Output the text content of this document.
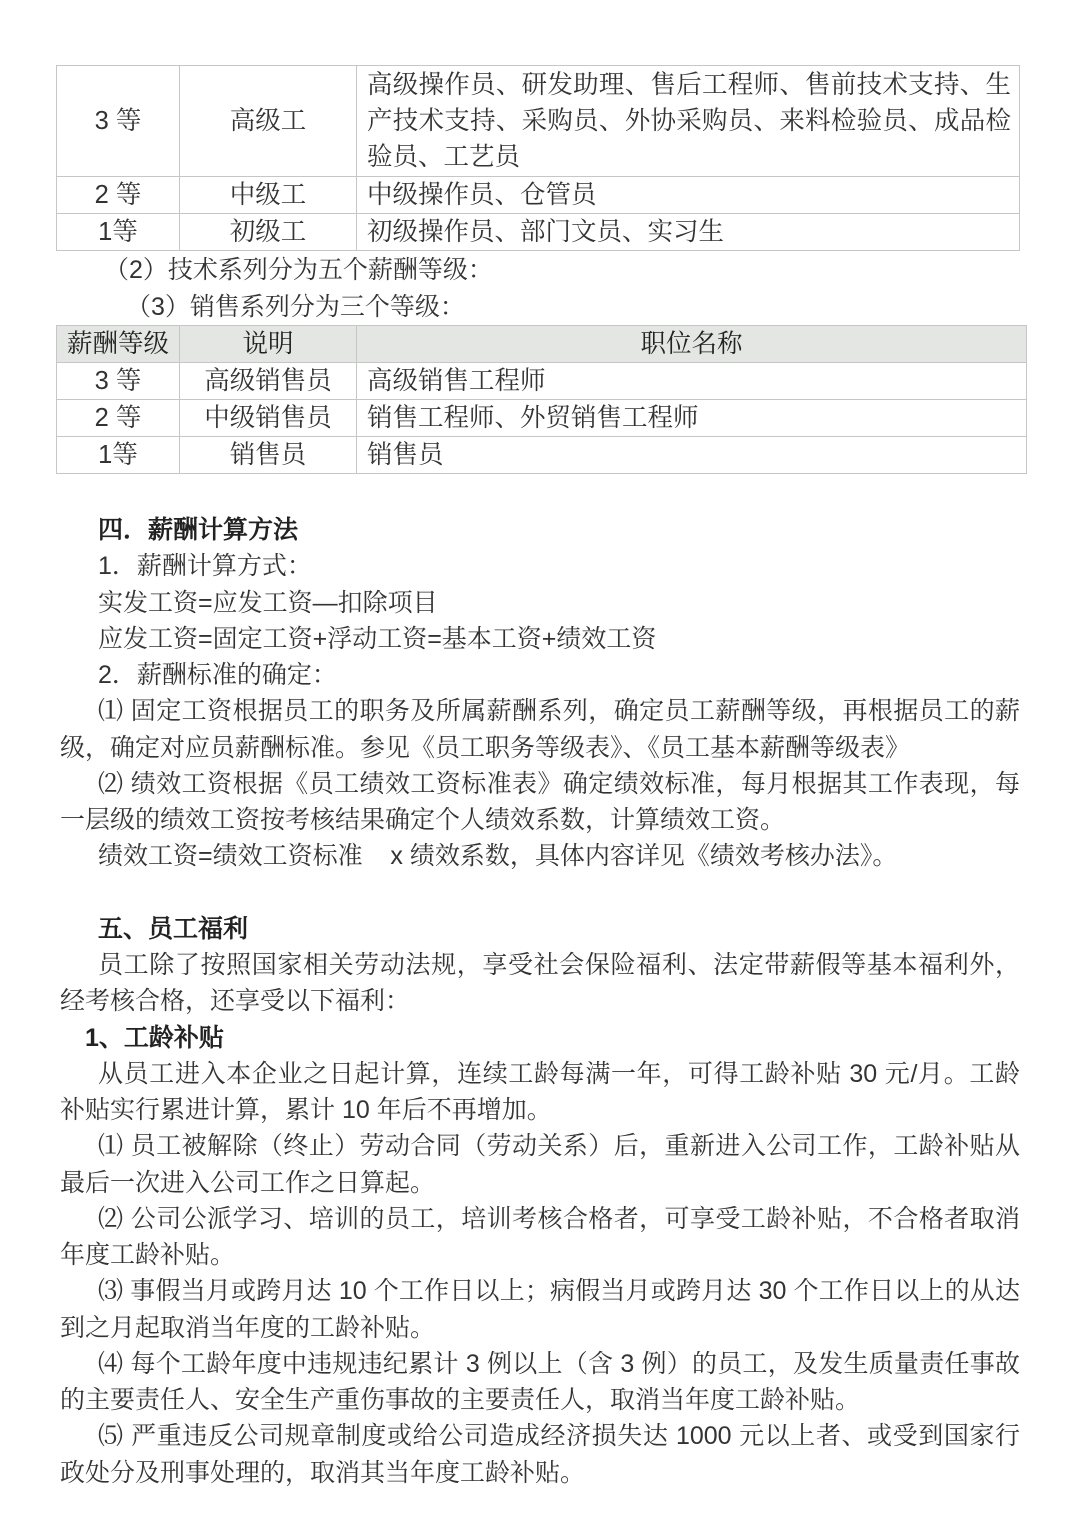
3 等	高级工	高级操作员、研发助理、售后工程师、售前技术支持、生
产技术支持、采购员、外协采购员、来料检验员、成品检
验员、工艺员

2 等	中级工	中级操作员、仓管员
1等	初级工	初级操作员、部门文员、实习生
（2）技术系列分为五个薪酬等级：
（3）销售系列分为三个等级：
薪酬等级	说明	职位名称
3 等	高级销售员	高级销售工程师
2 等	中级销售员	销售工程师、外贸销售工程师
1等	销售员	销售员
四．薪酬计算方法
1．薪酬计算方式：
实发工资=应发工资—扣除项目
应发工资=固定工资+浮动工资=基本工资+绩效工资
2．薪酬标准的确定：
⑴ 固定工资根据员工的职务及所属薪酬系列，确定员工薪酬等级，再根据员工的薪
级，确定对应员薪酬标准。参见《员工职务等级表》、《员工基本薪酬等级表》
⑵ 绩效工资根据《员工绩效工资标准表》确定绩效标准，每月根据其工作表现，每
一层级的绩效工资按考核结果确定个人绩效系数，计算绩效工资。
绩效工资=绩效工资标准    x 绩效系数，具体内容详见《绩效考核办法》。
五、员工福利
员工除了按照国家相关劳动法规，享受社会保险福利、法定带薪假等基本福利外，
经考核合格，还享受以下福利：
1、工龄补贴
从员工进入本企业之日起计算，连续工龄每满一年，可得工龄补贴 30 元/月。工龄
补贴实行累进计算，累计 10 年后不再增加。
⑴ 员工被解除（终止）劳动合同（劳动关系）后，重新进入公司工作，工龄补贴从
最后一次进入公司工作之日算起。
⑵ 公司公派学习、培训的员工，培训考核合格者，可享受工龄补贴，不合格者取消
年度工龄补贴。
⑶ 事假当月或跨月达 10 个工作日以上；病假当月或跨月达 30 个工作日以上的从达
到之月起取消当年度的工龄补贴。
⑷ 每个工龄年度中违规违纪累计 3 例以上（含 3 例）的员工，及发生质量责任事故
的主要责任人、安全生产重伤事故的主要责任人，取消当年度工龄补贴。
⑸ 严重违反公司规章制度或给公司造成经济损失达 1000 元以上者、或受到国家行
政处分及刑事处理的，取消其当年度工龄补贴。
